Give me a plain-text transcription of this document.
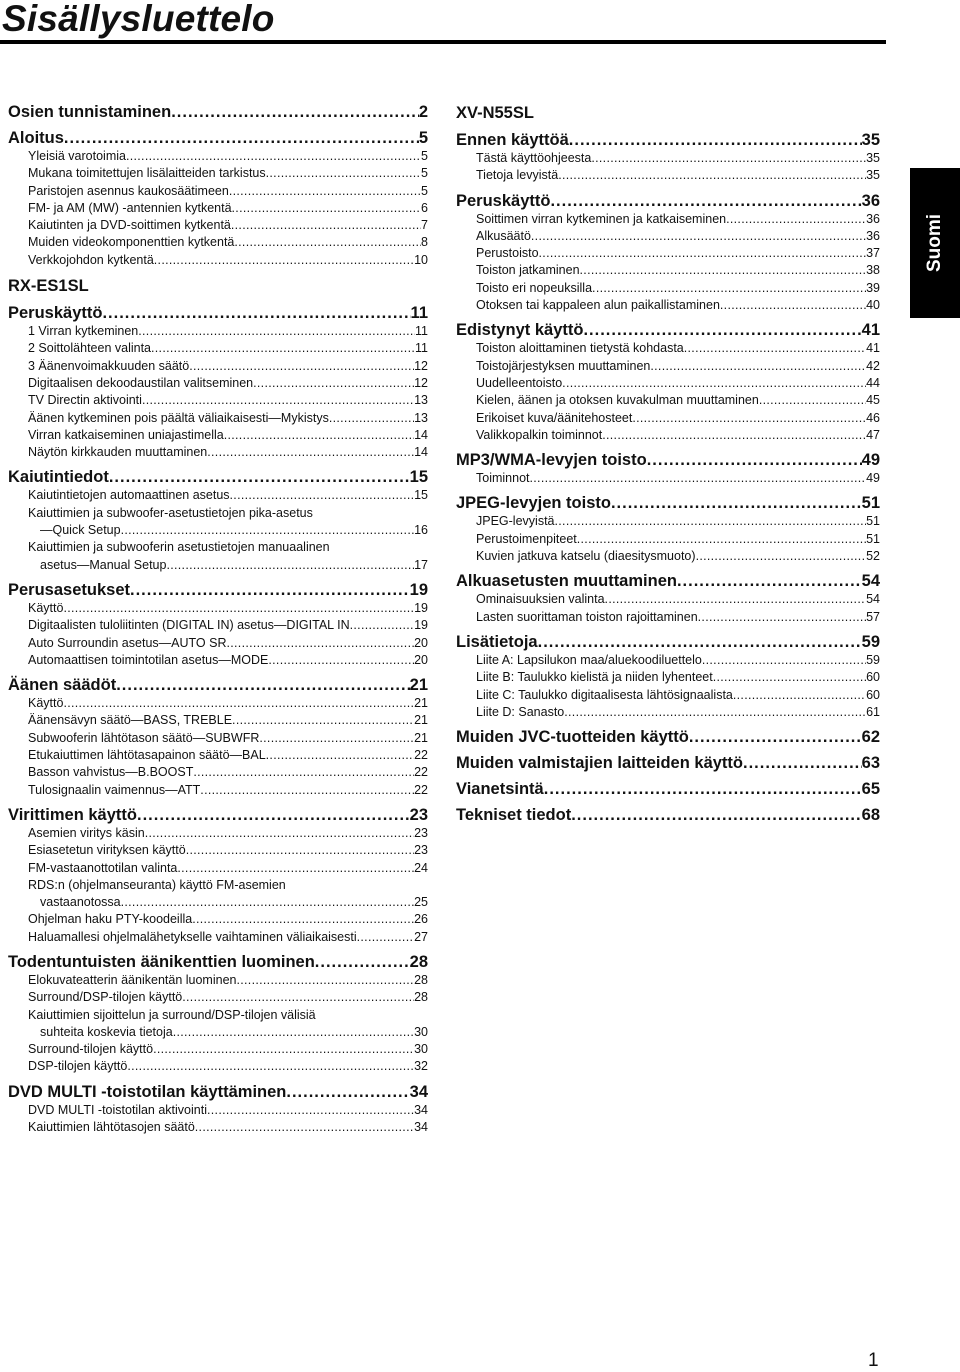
Sisällysluettelo
Osien tunnistaminen .....	2
Aloitus .....	5
Yleisiä varotoimia .....	5
Mukana toimitettujen lisälaitteiden tarkistus .....	5
Paristojen asennus kaukosäätimeen .....	5
FM- ja AM (MW) -antennien kytkentä .....	6
Kaiutinten ja DVD-soittimen kytkentä .....	7
Muiden videokomponenttien kytkentä .....	8
Verkkojohdon kytkentä .....	10
RX-ES1SL
Peruskäyttö .....	11
1 Virran kytkeminen .....	11
2 Soittolähteen valinta .....	11
3 Äänenvoimakkuuden säätö .....	12
Digitaalisen dekoodaustilan valitseminen .....	12
TV Directin aktivointi .....	13
Äänen kytkeminen pois päältä väliaikaisesti—Mykistys .....	13
Virran katkaiseminen uniajastimella .....	14
Näytön kirkkauden muuttaminen .....	14
Kaiutintiedot .....	15
Kaiutintietojen automaattinen asetus .....	15
Kaiuttimien ja subwoofer-asetustietojen pika-asetus
—Quick Setup .....	16
Kaiuttimien ja subwooferin asetustietojen manuaalinen
asetus—Manual Setup .....	17
Perusasetukset .....	19
Käyttö .....	19
Digitaalisten tuloliitinten (DIGITAL IN) asetus—DIGITAL IN .....	19
Auto Surroundin asetus—AUTO SR .....	20
Automaattisen toimintotilan asetus—MODE .....	20
Äänen säädöt .....	21
Käyttö .....	21
Äänensävyn säätö—BASS, TREBLE .....	21
Subwooferin lähtötason säätö—SUBWFR .....	21
Etukaiuttimen lähtötasapainon säätö—BAL .....	22
Basson vahvistus—B.BOOST .....	22
Tulosignaalin vaimennus—ATT .....	22
Virittimen käyttö .....	23
Asemien viritys käsin .....	23
Esiasetetun virityksen käyttö .....	23
FM-vastaanottotilan valinta .....	24
RDS:n (ohjelmanseuranta) käyttö FM-asemien
vastaanotossa .....	25
Ohjelman haku PTY-koodeilla .....	26
Haluamallesi ohjelmalähetykselle vaihtaminen väliaikaisesti .....	27
Todentuntuisten äänikenttien luominen .....	28
Elokuvateatterin äänikentän luominen .....	28
Surround/DSP-tilojen käyttö .....	28
Kaiuttimien sijoittelun ja surround/DSP-tilojen välisiä
suhteita koskevia tietoja .....	30
Surround-tilojen käyttö .....	30
DSP-tilojen käyttö .....	32
DVD MULTI -toistotilan käyttäminen .....	34
DVD MULTI -toistotilan aktivointi .....	34
Kaiuttimien lähtötasojen säätö .....	34
XV-N55SL
Ennen käyttöä .....	35
Tästä käyttöohjeesta .....	35
Tietoja levyistä .....	35
Peruskäyttö .....	36
Soittimen virran kytkeminen ja katkaiseminen .....	36
Alkusäätö .....	36
Perustoisto .....	37
Toiston jatkaminen .....	38
Toisto eri nopeuksilla .....	39
Otoksen tai kappaleen alun paikallistaminen .....	40
Edistynyt käyttö .....	41
Toiston aloittaminen tietystä kohdasta .....	41
Toistojärjestyksen muuttaminen .....	42
Uudelleentoisto .....	44
Kielen, äänen ja otoksen kuvakulman muuttaminen .....	45
Erikoiset kuva/äänitehosteet .....	46
Valikkopalkin toiminnot .....	47
MP3/WMA-levyjen toisto .....	49
Toiminnot .....	49
JPEG-levyjen toisto .....	51
JPEG-levyistä .....	51
Perustoimenpiteet .....	51
Kuvien jatkuva katselu (diaesitysmuoto) .....	52
Alkuasetusten muuttaminen .....	54
Ominaisuuksien valinta .....	54
Lasten suorittaman toiston rajoittaminen .....	57
Lisätietoja .....	59
Liite A: Lapsilukon maa/aluekoodiluettelo .....	59
Liite B: Taulukko kielistä ja niiden lyhenteet .....	60
Liite C: Taulukko digitaalisesta lähtösignaalista .....	60
Liite D: Sanasto .....	61
Muiden JVC-tuotteiden käyttö .....	62
Muiden valmistajien laitteiden käyttö .....	63
Vianetsintä .....	65
Tekniset tiedot .....	68
Suomi
1
